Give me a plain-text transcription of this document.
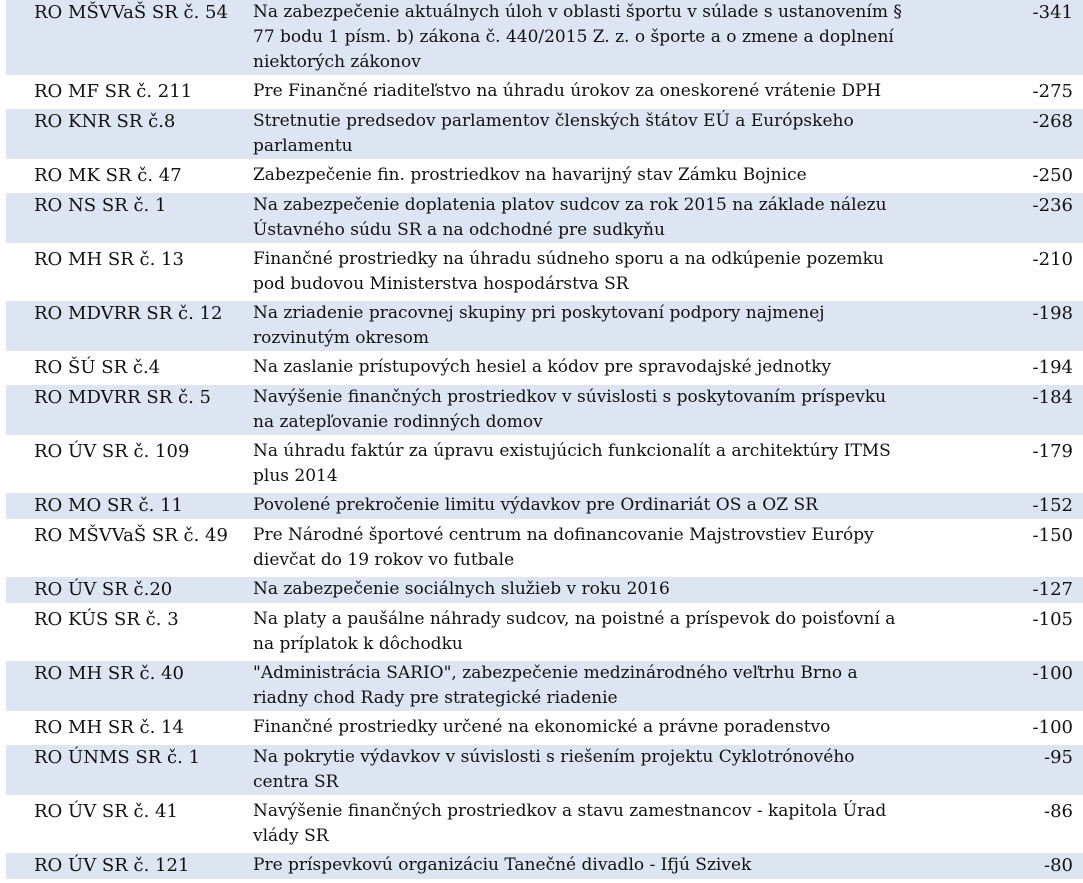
RO MŠVVaŠ SR č. 54	Na zabezpečenie aktuálnych úloh v oblasti športu v súlade s ustanovením § 77 bodu 1 písm. b) zákona č. 440/2015 Z. z. o športe a o zmene a doplnení niektorých zákonov	-341
RO MF SR č. 211	Pre Finančné riaditeľstvo na úhradu úrokov za oneskorené vrátenie DPH	-275
RO KNR SR č.8	Stretnutie predsedov parlamentov členských štátov EÚ a Európskeho parlamentu	-268
RO MK SR č. 47	Zabezpečenie fin. prostriedkov na havarijný stav Zámku Bojnice	-250
RO NS SR č. 1	Na zabezpečenie doplatenia platov sudcov za rok 2015 na základe nálezu Ústavného súdu SR a na odchodné pre sudkyňu	-236
RO MH SR č. 13	Finančné prostriedky na úhradu súdneho sporu a na odkúpenie pozemku pod budovou Ministerstva hospodárstva SR	-210
RO MDVRR SR č. 12	Na zriadenie pracovnej skupiny pri poskytovaní podpory najmenej rozvinutým okresom	-198
RO ŠÚ SR č.4	Na zaslanie prístupových hesiel a kódov pre spravodajské jednotky	-194
RO MDVRR SR č. 5	Navýšenie finančných prostriedkov v súvislosti s poskytovaním príspevku na zatepľovanie rodinných domov	-184
RO ÚV SR č. 109	Na úhradu faktúr za úpravu existujúcich funkcionalít a architektúry ITMS plus 2014	-179
RO MO SR č. 11	Povolené prekročenie limitu výdavkov pre Ordinariát OS a OZ SR	-152
RO MŠVVaŠ SR č. 49	Pre Národné športové centrum na dofinancovanie Majstrovstiev Európy dievčat do 19 rokov vo futbale	-150
RO ÚV SR č.20	Na zabezpečenie sociálnych služieb v roku 2016	-127
RO KÚS SR č. 3	Na platy a paušálne náhrady sudcov, na poistné a príspevok do poisťovní a na príplatok k dôchodku	-105
RO MH SR č. 40	"Administrácia SARIO", zabezpečenie medzinárodného veľtrhu Brno a riadny chod Rady pre strategické riadenie	-100
RO MH SR č. 14	Finančné prostriedky určené na ekonomické a právne poradenstvo	-100
RO ÚNMS SR č. 1	Na pokrytie výdavkov v súvislosti s riešením projektu Cyklotrónového centra SR	-95
RO ÚV SR č. 41	Navýšenie finančných prostriedkov a stavu zamestnancov - kapitola Úrad vlády SR	-86
RO ÚV SR č. 121	Pre príspevkovú organizáciu Tanečné divadlo - Ifjú Szivek	-80
